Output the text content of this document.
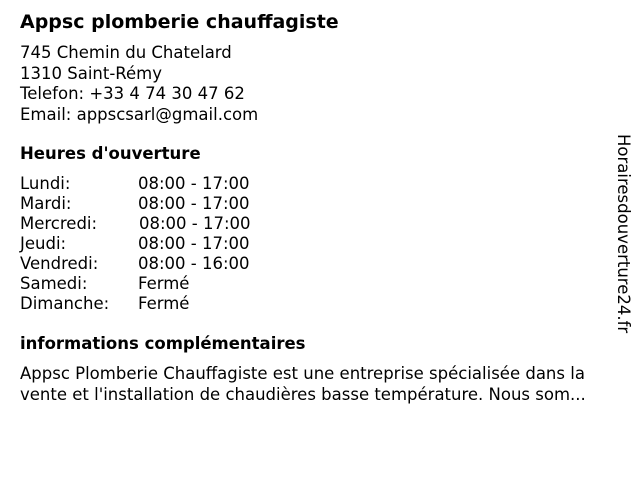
Appsc plomberie chauffagiste
745 Chemin du Chatelard
1310 Saint-Rémy
Telefon: +33 4 74 30 47 62
Email: appscsarl@gmail.com
Heures d'ouverture
Lundi:	08:00 - 17:00
Mardi:	08:00 - 17:00
Mercredi:	08:00 - 17:00
Jeudi:	08:00 - 17:00
Vendredi: 08:00 - 16:00
Samedi:	Fermé
Dimanche: Fermé
informations complémentaires
Appsc Plomberie Chauffagiste est une entreprise spécialisée dans la
vente et l'installation de chaudières basse température. Nous som...
Horairesdouverture24.fr
